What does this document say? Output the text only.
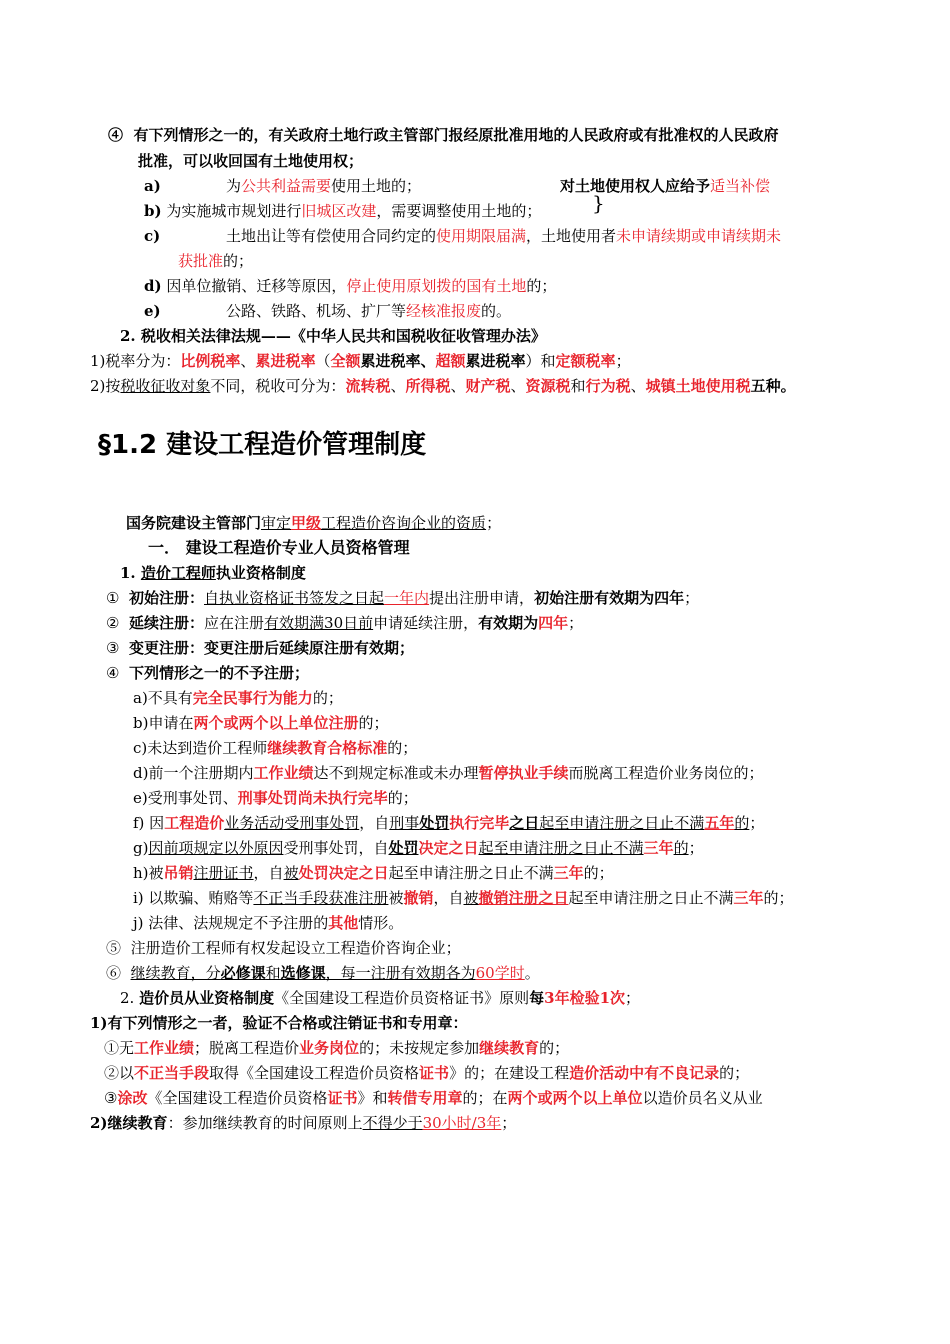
④ 有下列情形之一的，有关政府土地行政主管部门报经原批准用地的人民政府或有批准权的人民政府
批准，可以收回国有土地使用权；
a)	为公共利益需要使用土地的；	对土地使用权人应给予适当补偿
}
b) 为实施城市规划进行旧城区改建，需要调整使用土地的；
c)	土地出让等有偿使用合同约定的使用期限届满，土地使用者未申请续期或申请续期未
获批准的；
d) 因单位撤销、迁移等原因，停止使用原划拨的国有土地的；
e)	公路、铁路、机场、扩厂等经核准报废的。
2. 税收相关法律法规——《中华人民共和国税收征收管理办法》
1)税率分为：比例税率、累进税率（全额累进税率、超额累进税率）和定额税率；
2)按税收征收对象不同，税收可分为：流转税、所得税、财产税、资源税和行为税、城镇土地使用税五种。
§1.2 建设工程造价管理制度
国务院建设主管部门审定甲级工程造价咨询企业的资质；
一． 建设工程造价专业人员资格管理
1. 造价工程师执业资格制度
① 初始注册：自执业资格证书签发之日起一年内提出注册申请，初始注册有效期为四年；
② 延续注册：应在注册有效期满30日前申请延续注册，有效期为四年；
③ 变更注册：变更注册后延续原注册有效期；
④ 下列情形之一的不予注册；
a)不具有完全民事行为能力的；
b)申请在两个或两个以上单位注册的；
c)未达到造价工程师继续教育合格标准的；
d)前一个注册期内工作业绩达不到规定标准或未办理暂停执业手续而脱离工程造价业务岗位的；
e)受刑事处罚、刑事处罚尚未执行完毕的；
f) 因工程造价业务活动受刑事处罚，自刑事处罚执行完毕之日起至申请注册之日止不满五年的；
g)因前项规定以外原因受刑事处罚，自处罚决定之日起至申请注册之日止不满三年的；
h)被吊销注册证书，自被处罚决定之日起至申请注册之日止不满三年的；
i) 以欺骗、贿赂等不正当手段获准注册被撤销，自被撤销注册之日起至申请注册之日止不满三年的；
j) 法律、法规规定不予注册的其他情形。
⑤ 注册造价工程师有权发起设立工程造价咨询企业；
⑥ 继续教育，分必修课和选修课，每一注册有效期各为60学时。
2. 造价员从业资格制度《全国建设工程造价员资格证书》原则每3年检验1次；
1)有下列情形之一者，验证不合格或注销证书和专用章：
①无工作业绩；脱离工程造价业务岗位的；未按规定参加继续教育的；
②以不正当手段取得《全国建设工程造价员资格证书》的；在建设工程造价活动中有不良记录的；
③涂改《全国建设工程造价员资格证书》和转借专用章的；在两个或两个以上单位以造价员名义从业
2)继续教育：参加继续教育的时间原则上不得少于30小时/3年；
